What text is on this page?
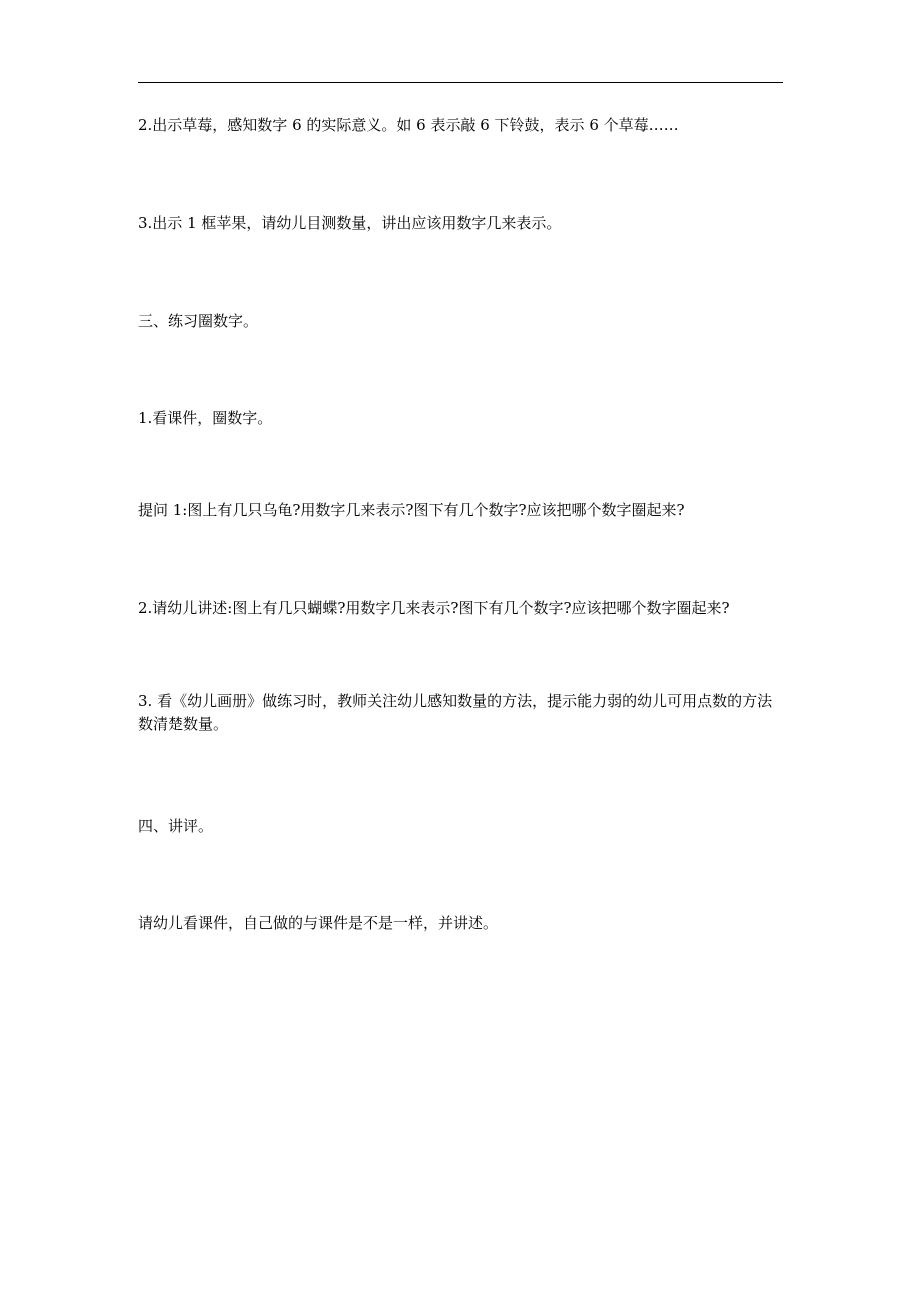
2.出示草莓，感知数字 6 的实际意义。如 6 表示敲 6 下铃鼓，表示 6 个草莓……

3.出示 1 框苹果，请幼儿目测数量，讲出应该用数字几来表示。

三、练习圈数字。

1.看课件，圈数字。

提问 1:图上有几只乌龟?用数字几来表示?图下有几个数字?应该把哪个数字圈起来?

2.请幼儿讲述:图上有几只蝴蝶?用数字几来表示?图下有几个数字?应该把哪个数字圈起来?

3. 看《幼儿画册》做练习时，教师关注幼儿感知数量的方法，提示能力弱的幼儿可用点数的方法数清楚数量。

四、讲评。

请幼儿看课件，自己做的与课件是不是一样，并讲述。
